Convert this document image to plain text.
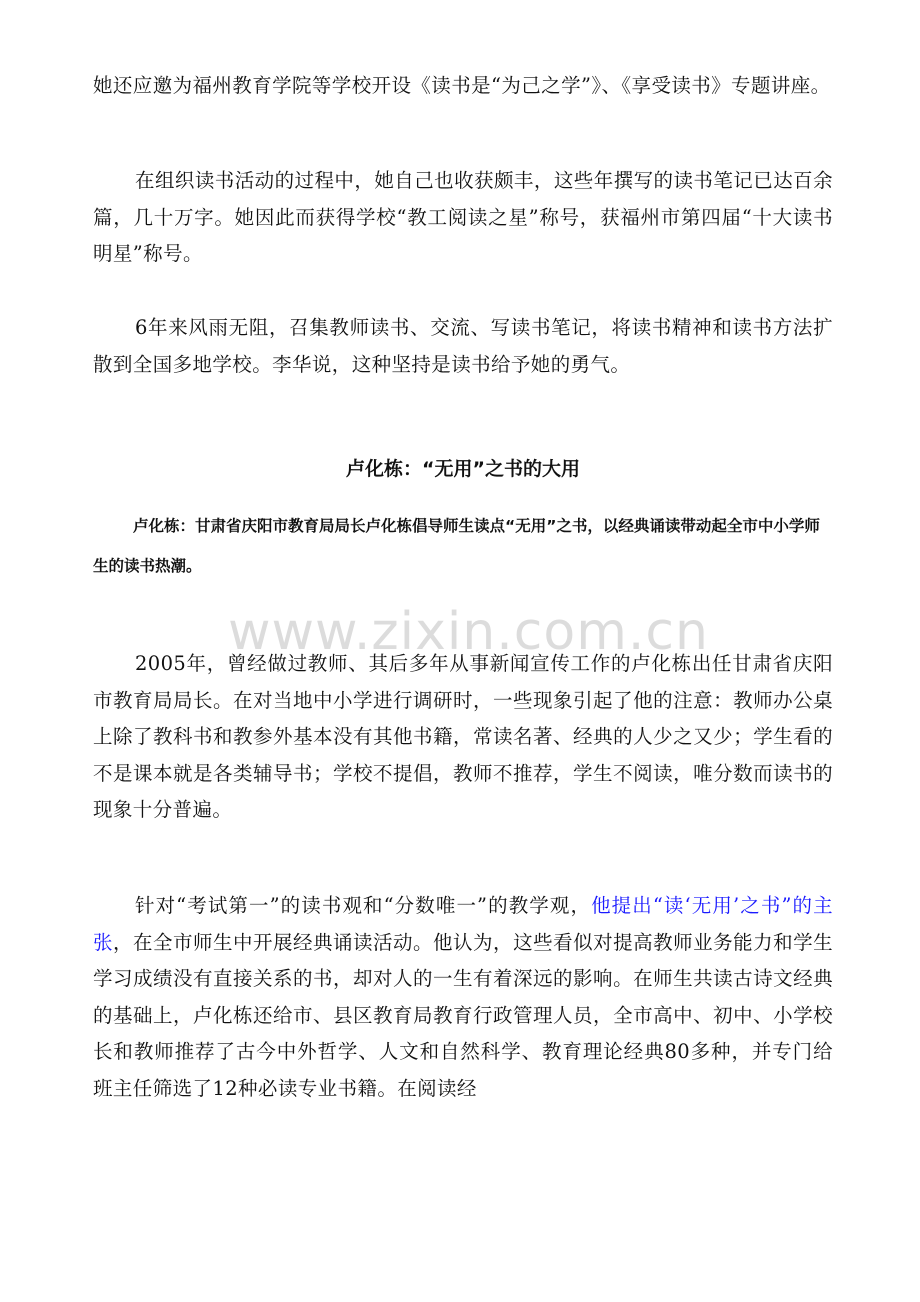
她还应邀为福州教育学院等学校开设《读书是“为己之学”》、《享受读书》专题讲座。

在组织读书活动的过程中，她自己也收获颇丰，这些年撰写的读书笔记已达百余篇，几十万字。她因此而获得学校“教工阅读之星”称号，获福州市第四届“十大读书明星”称号。

6年来风雨无阻，召集教师读书、交流、写读书笔记，将读书精神和读书方法扩散到全国多地学校。李华说，这种坚持是读书给予她的勇气。

卢化栋：“无用”之书的大用

卢化栋：甘肃省庆阳市教育局局长卢化栋倡导师生读点“无用”之书，以经典诵读带动起全市中小学师生的读书热潮。

www.zixin.com.cn

2005年，曾经做过教师、其后多年从事新闻宣传工作的卢化栋出任甘肃省庆阳市教育局局长。在对当地中小学进行调研时，一些现象引起了他的注意：教师办公桌上除了教科书和教参外基本没有其他书籍，常读名著、经典的人少之又少；学生看的不是课本就是各类辅导书；学校不提倡，教师不推荐，学生不阅读，唯分数而读书的现象十分普遍。

针对“考试第一”的读书观和“分数唯一”的教学观，他提出“读‘无用’之书”的主张，在全市师生中开展经典诵读活动。他认为，这些看似对提高教师业务能力和学生学习成绩没有直接关系的书，却对人的一生有着深远的影响。在师生共读古诗文经典的基础上，卢化栋还给市、县区教育局教育行政管理人员，全市高中、初中、小学校长和教师推荐了古今中外哲学、人文和自然科学、教育理论经典80多种，并专门给班主任筛选了12种必读专业书籍。在阅读经
